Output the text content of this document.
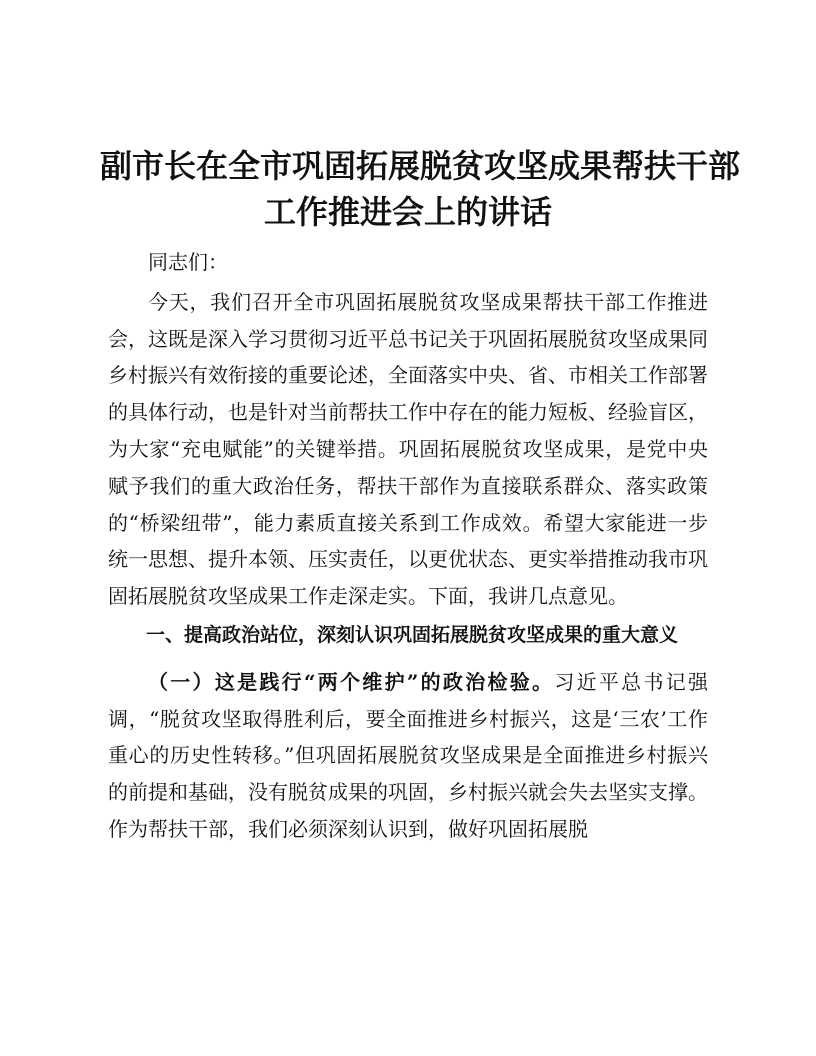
副市长在全市巩固拓展脱贫攻坚成果帮扶干部
工作推进会上的讲话

同志们：

今天，我们召开全市巩固拓展脱贫攻坚成果帮扶干部工作推进会，这既是深入学习贯彻习近平总书记关于巩固拓展脱贫攻坚成果同乡村振兴有效衔接的重要论述，全面落实中央、省、市相关工作部署的具体行动，也是针对当前帮扶工作中存在的能力短板、经验盲区，为大家“充电赋能”的关键举措。巩固拓展脱贫攻坚成果，是党中央赋予我们的重大政治任务，帮扶干部作为直接联系群众、落实政策的“桥梁纽带”，能力素质直接关系到工作成效。希望大家能进一步统一思想、提升本领、压实责任，以更优状态、更实举措推动我市巩固拓展脱贫攻坚成果工作走深走实。下面，我讲几点意见。

一、提高政治站位，深刻认识巩固拓展脱贫攻坚成果的重大意义

（一）这是践行“两个维护”的政治检验。习近平总书记强调，“脱贫攻坚取得胜利后，要全面推进乡村振兴，这是‘三农’工作重心的历史性转移。”但巩固拓展脱贫攻坚成果是全面推进乡村振兴的前提和基础，没有脱贫成果的巩固，乡村振兴就会失去坚实支撑。作为帮扶干部，我们必须深刻认识到，做好巩固拓展脱
